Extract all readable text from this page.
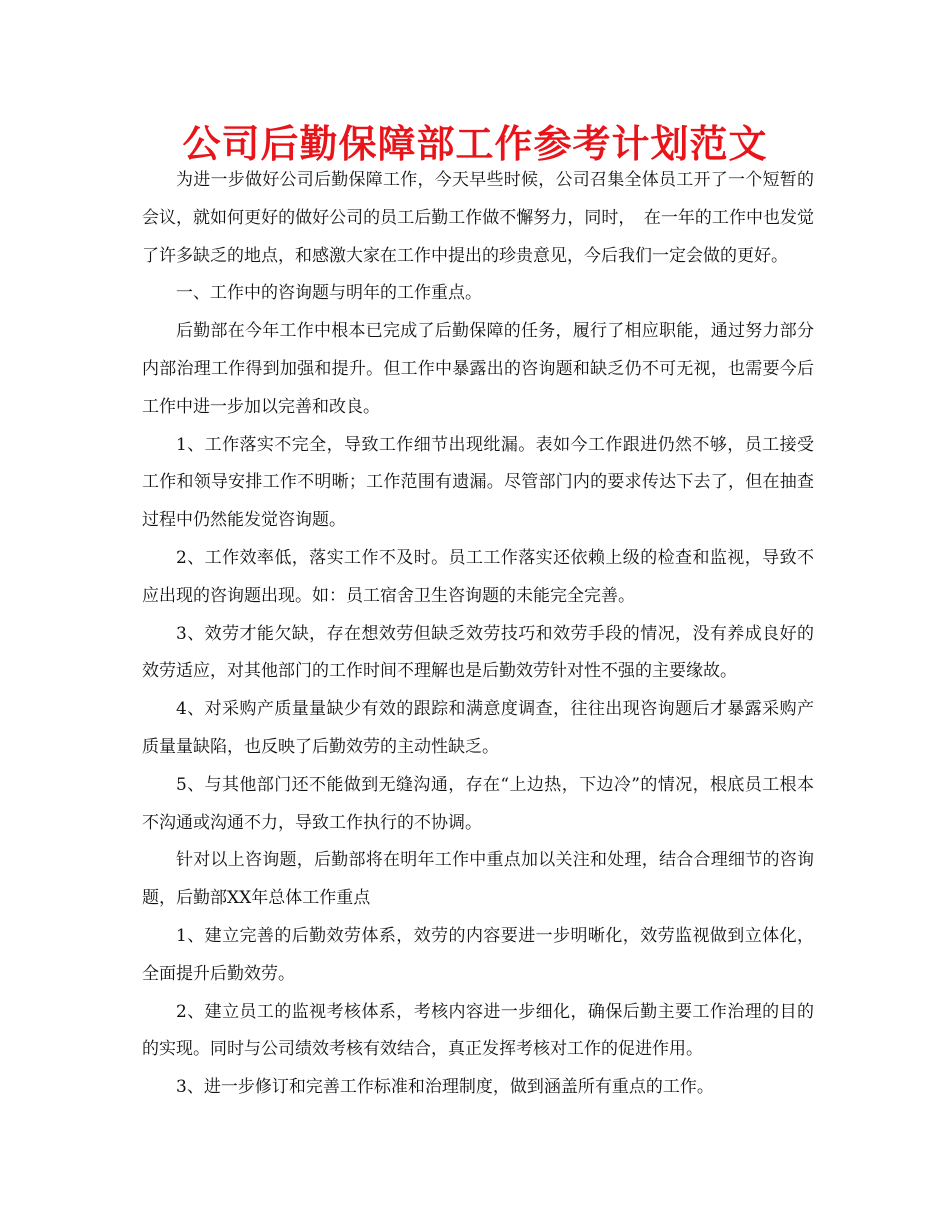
公司后勤保障部工作参考计划范文

为进一步做好公司后勤保障工作，今天早些时候，公司召集全体员工开了一个短暂的会议，就如何更好的做好公司的员工后勤工作做不懈努力，同时，　在一年的工作中也发觉了许多缺乏的地点，和感激大家在工作中提出的珍贵意见，今后我们一定会做的更好。

一、工作中的咨询题与明年的工作重点。

后勤部在今年工作中根本已完成了后勤保障的任务，履行了相应职能，通过努力部分内部治理工作得到加强和提升。但工作中暴露出的咨询题和缺乏仍不可无视，也需要今后工作中进一步加以完善和改良。

1、工作落实不完全，导致工作细节出现纰漏。表如今工作跟进仍然不够，员工接受工作和领导安排工作不明晰；工作范围有遗漏。尽管部门内的要求传达下去了，但在抽查过程中仍然能发觉咨询题。

2、工作效率低，落实工作不及时。员工工作落实还依赖上级的检查和监视，导致不应出现的咨询题出现。如：员工宿舍卫生咨询题的未能完全完善。

3、效劳才能欠缺，存在想效劳但缺乏效劳技巧和效劳手段的情况，没有养成良好的效劳适应，对其他部门的工作时间不理解也是后勤效劳针对性不强的主要缘故。

4、对采购产质量量缺少有效的跟踪和满意度调查，往往出现咨询题后才暴露采购产质量量缺陷，也反映了后勤效劳的主动性缺乏。

5、与其他部门还不能做到无缝沟通，存在“上边热，下边冷”的情况，根底员工根本不沟通或沟通不力，导致工作执行的不协调。

针对以上咨询题，后勤部将在明年工作中重点加以关注和处理，结合合理细节的咨询题，后勤部XX年总体工作重点

1、建立完善的后勤效劳体系，效劳的内容要进一步明晰化，效劳监视做到立体化，全面提升后勤效劳。

2、建立员工的监视考核体系，考核内容进一步细化，确保后勤主要工作治理的目的的实现。同时与公司绩效考核有效结合，真正发挥考核对工作的促进作用。

3、进一步修订和完善工作标准和治理制度，做到涵盖所有重点的工作。
